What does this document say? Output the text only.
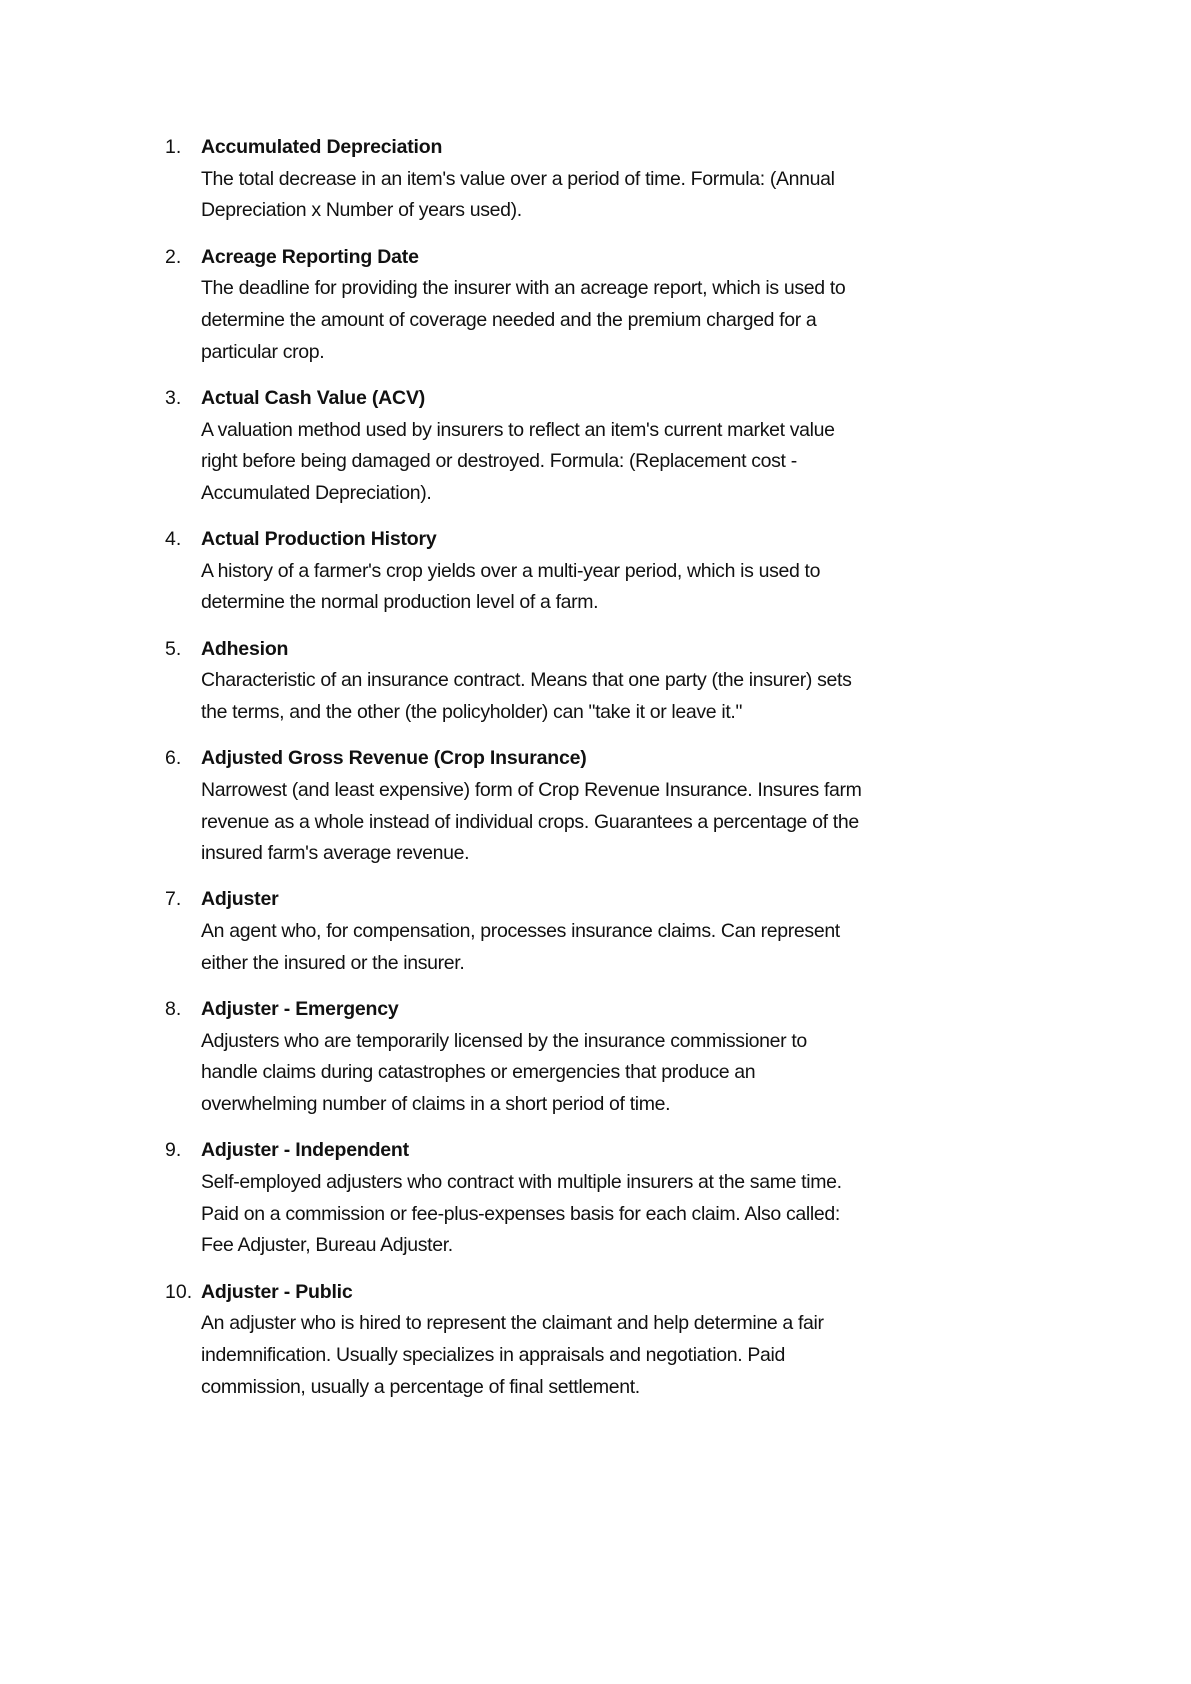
1.	Accumulated Depreciation
The total decrease in an item's value over a period of time. Formula: (Annual
Depreciation x Number of years used).
2.	Acreage Reporting Date
The deadline for providing the insurer with an acreage report, which is used to
determine the amount of coverage needed and the premium charged for a
particular crop.
3.	Actual Cash Value (ACV)
A valuation method used by insurers to reflect an item's current market value
right before being damaged or destroyed. Formula: (Replacement cost -
Accumulated Depreciation).
4.	Actual Production History
A history of a farmer's crop yields over a multi-year period, which is used to
determine the normal production level of a farm.
5.	Adhesion
Characteristic of an insurance contract. Means that one party (the insurer) sets
the terms, and the other (the policyholder) can "take it or leave it."
6.	Adjusted Gross Revenue (Crop Insurance)
Narrowest (and least expensive) form of Crop Revenue Insurance. Insures farm
revenue as a whole instead of individual crops. Guarantees a percentage of the
insured farm's average revenue.
7.	Adjuster
An agent who, for compensation, processes insurance claims. Can represent
either the insured or the insurer.
8.	Adjuster - Emergency
Adjusters who are temporarily licensed by the insurance commissioner to
handle claims during catastrophes or emergencies that produce an
overwhelming number of claims in a short period of time.
9.	Adjuster - Independent
Self-employed adjusters who contract with multiple insurers at the same time.
Paid on a commission or fee-plus-expenses basis for each claim. Also called:
Fee Adjuster, Bureau Adjuster.
10. Adjuster - Public
An adjuster who is hired to represent the claimant and help determine a fair
indemnification. Usually specializes in appraisals and negotiation. Paid
commission, usually a percentage of final settlement.
